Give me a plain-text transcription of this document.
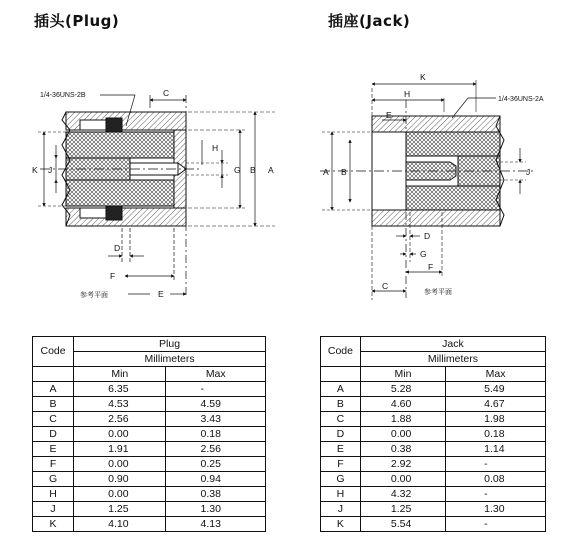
插头(Plug)	插座(Jack)
1/4-36UNS-2B	C
A
B
G
H
K J
D
F
E
参考平面
K
H
E
1/4-36UNS-2A
A B	J
D
G
F
C
参考平面
Code	Plug	
	Millimeters	
	Min	Max
A	6.35	-
B	4.53	4.59
C	2.56	3.43
D	0.00	0.18
E	1.91	2.56
F	0.00	0.25
G	0.90	0.94
H	0.00	0.38
J	1.25	1.30
K	4.10	4.13
Code	Jack	
	Millimeters	
	Min	Max
A	5.28	5.49
B	4.60	4.67
C	1.88	1.98
D	0.00	0.18
E	0.38	1.14
F	2.92	-
G	0.00	0.08
H	4.32	-
J	1.25	1.30
K	5.54	-
